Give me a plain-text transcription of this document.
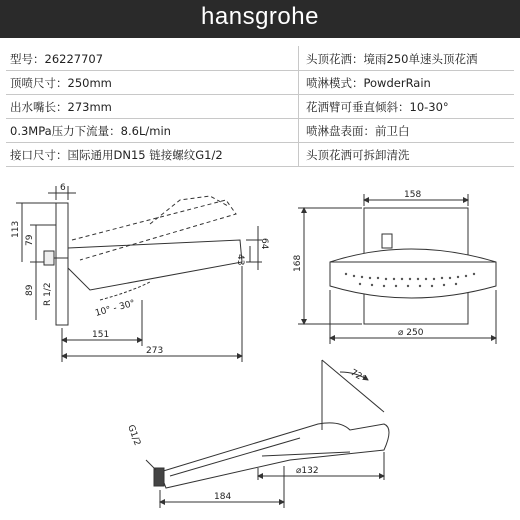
hansgrohe
型号：26227707	头顶花洒：境雨250单速头顶花洒
顶喷尺寸：250mm	喷淋模式：PowderRain
出水嘴长：273mm	花洒臂可垂直倾斜：10-30°
0.3MPa压力下流量：8.6L/min	喷淋盘表面：前卫白
接口尺寸：国际通用DN15 链接螺纹G1/2	头顶花洒可拆卸清洗
6
113
79
89 R 1/2
43
64
10° - 30°
151
273
158
168
⌀ 250
72°
G1/2
⌀132
184
